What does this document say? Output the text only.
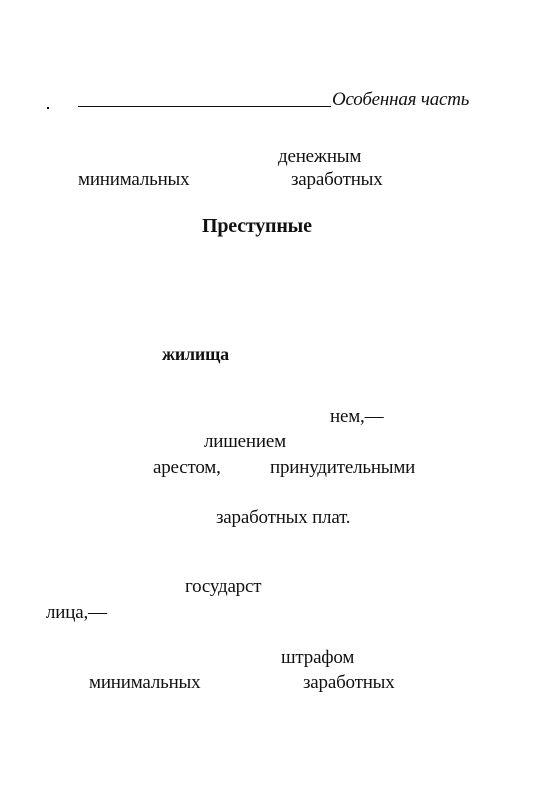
Особенная часть
денежным
минимальных	заработных
Преступные
жилища
нем,—
лишением
арестом,	принудительными
заработных плат.
государст
лица,—
штрафом
минимальных	заработных
